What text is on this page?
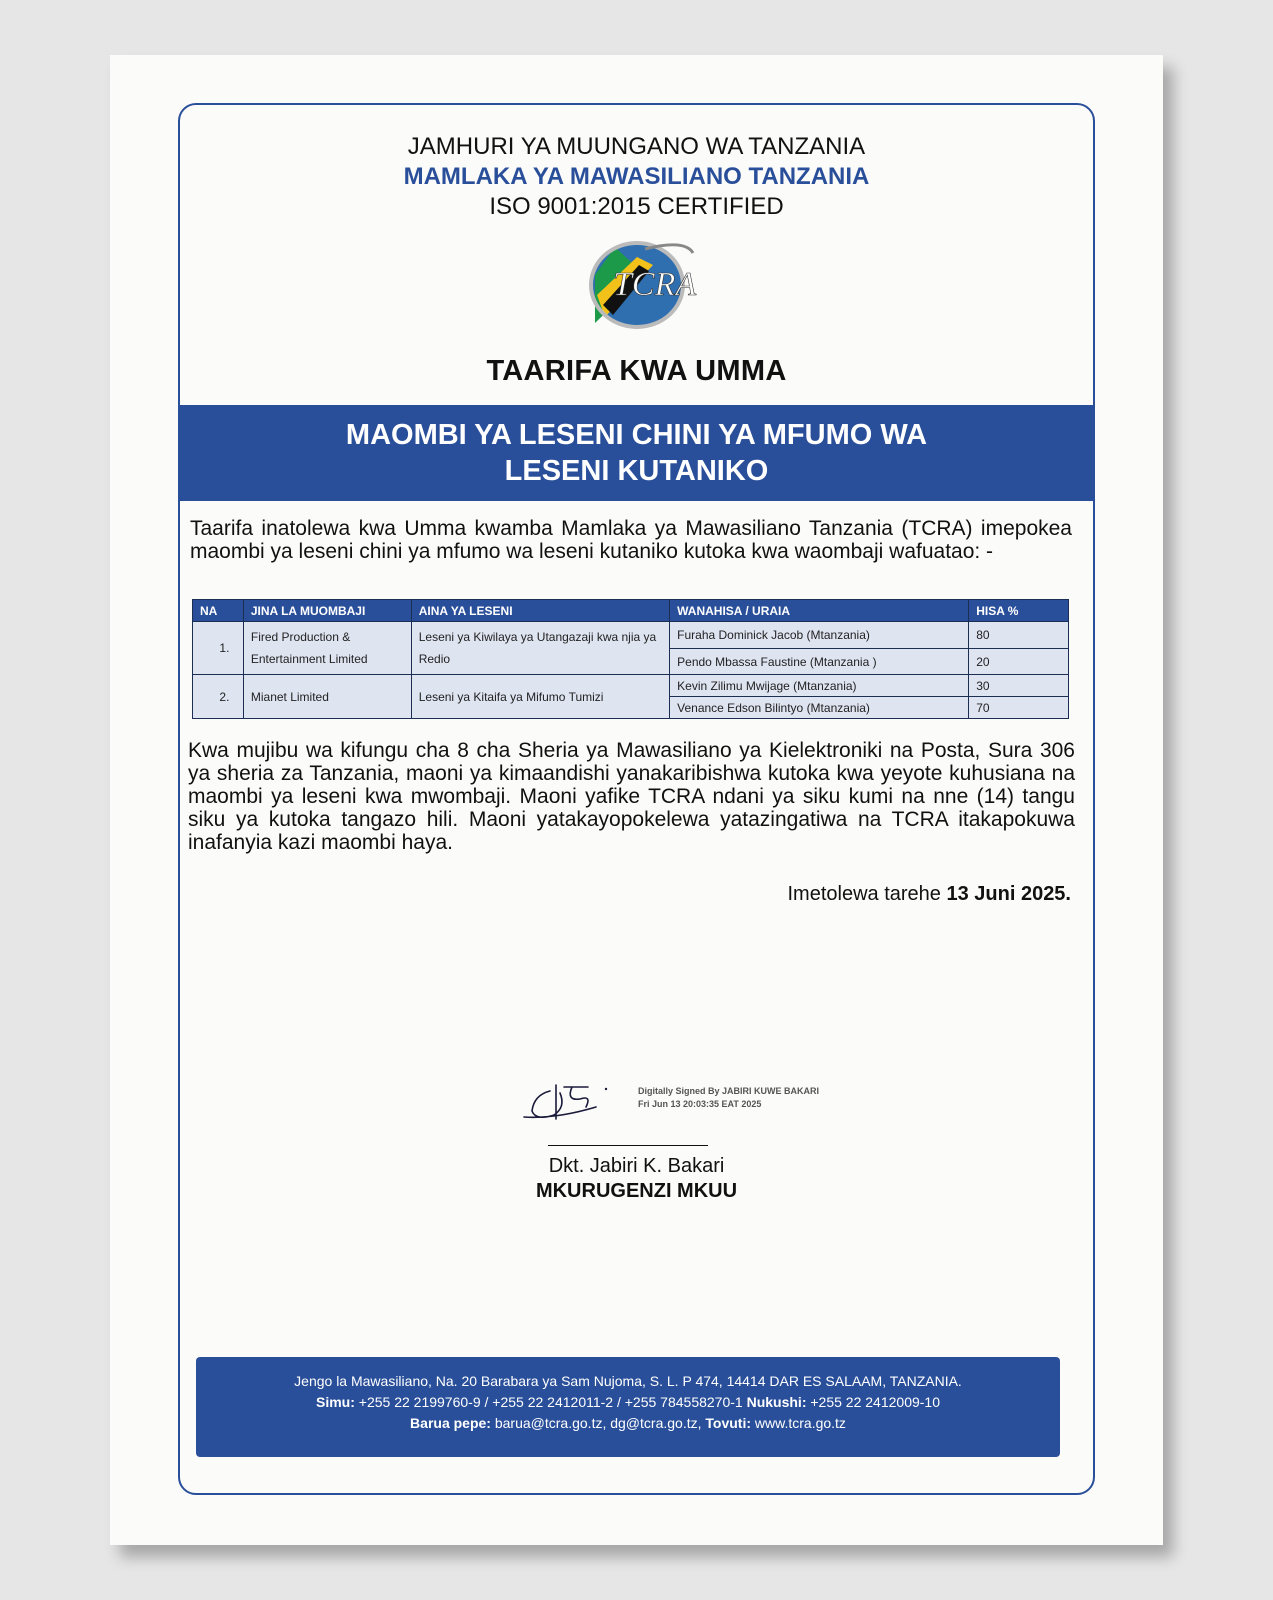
JAMHURI YA MUUNGANO WA TANZANIA
MAMLAKA YA MAWASILIANO TANZANIA
ISO 9001:2015 CERTIFIED
TCRA
TAARIFA KWA UMMA
MAOMBI YA LESENI CHINI YA MFUMO WA
LESENI KUTANIKO

Taarifa inatolewa kwa Umma kwamba Mamlaka ya Mawasiliano Tanzania (TCRA) imepokea maombi ya leseni chini ya mfumo wa leseni kutaniko kutoka kwa waombaji wafuatao: -

NA	JINA LA MUOMBAJI	AINA YA LESENI	WANAHISA / URAIA	HISA %
1.	Fired Production & Entertainment Limited	Leseni ya Kiwilaya ya Utangazaji kwa njia ya Redio	Furaha Dominick Jacob (Mtanzania)	80
			Pendo Mbassa Faustine (Mtanzania )	20
2.	Mianet Limited	Leseni ya Kitaifa ya Mifumo Tumizi	Kevin Zilimu Mwijage (Mtanzania)	30
			Venance Edson Bilintyo (Mtanzania)	70

Kwa mujibu wa kifungu cha 8 cha Sheria ya Mawasiliano ya Kielektroniki na Posta, Sura 306 ya sheria za Tanzania, maoni ya kimaandishi yanakaribishwa kutoka kwa yeyote kuhusiana na maombi ya leseni kwa mwombaji. Maoni yafike TCRA ndani ya siku kumi na nne (14) tangu siku ya kutoka tangazo hili. Maoni yatakayopokelewa yatazingatiwa na TCRA itakapokuwa inafanyia kazi maombi haya.

Imetolewa tarehe 13 Juni 2025.
Digitally Signed By JABIRI KUWE BAKARI
Fri Jun 13 20:03:35 EAT 2025
Dkt. Jabiri K. Bakari
MKURUGENZI MKUU
Jengo la Mawasiliano, Na. 20 Barabara ya Sam Nujoma, S. L. P 474, 14414 DAR ES SALAAM, TANZANIA.
Simu: +255 22 2199760-9 / +255 22 2412011-2 / +255 784558270-1 Nukushi: +255 22 2412009-10
Barua pepe: barua@tcra.go.tz, dg@tcra.go.tz, Tovuti: www.tcra.go.tz
